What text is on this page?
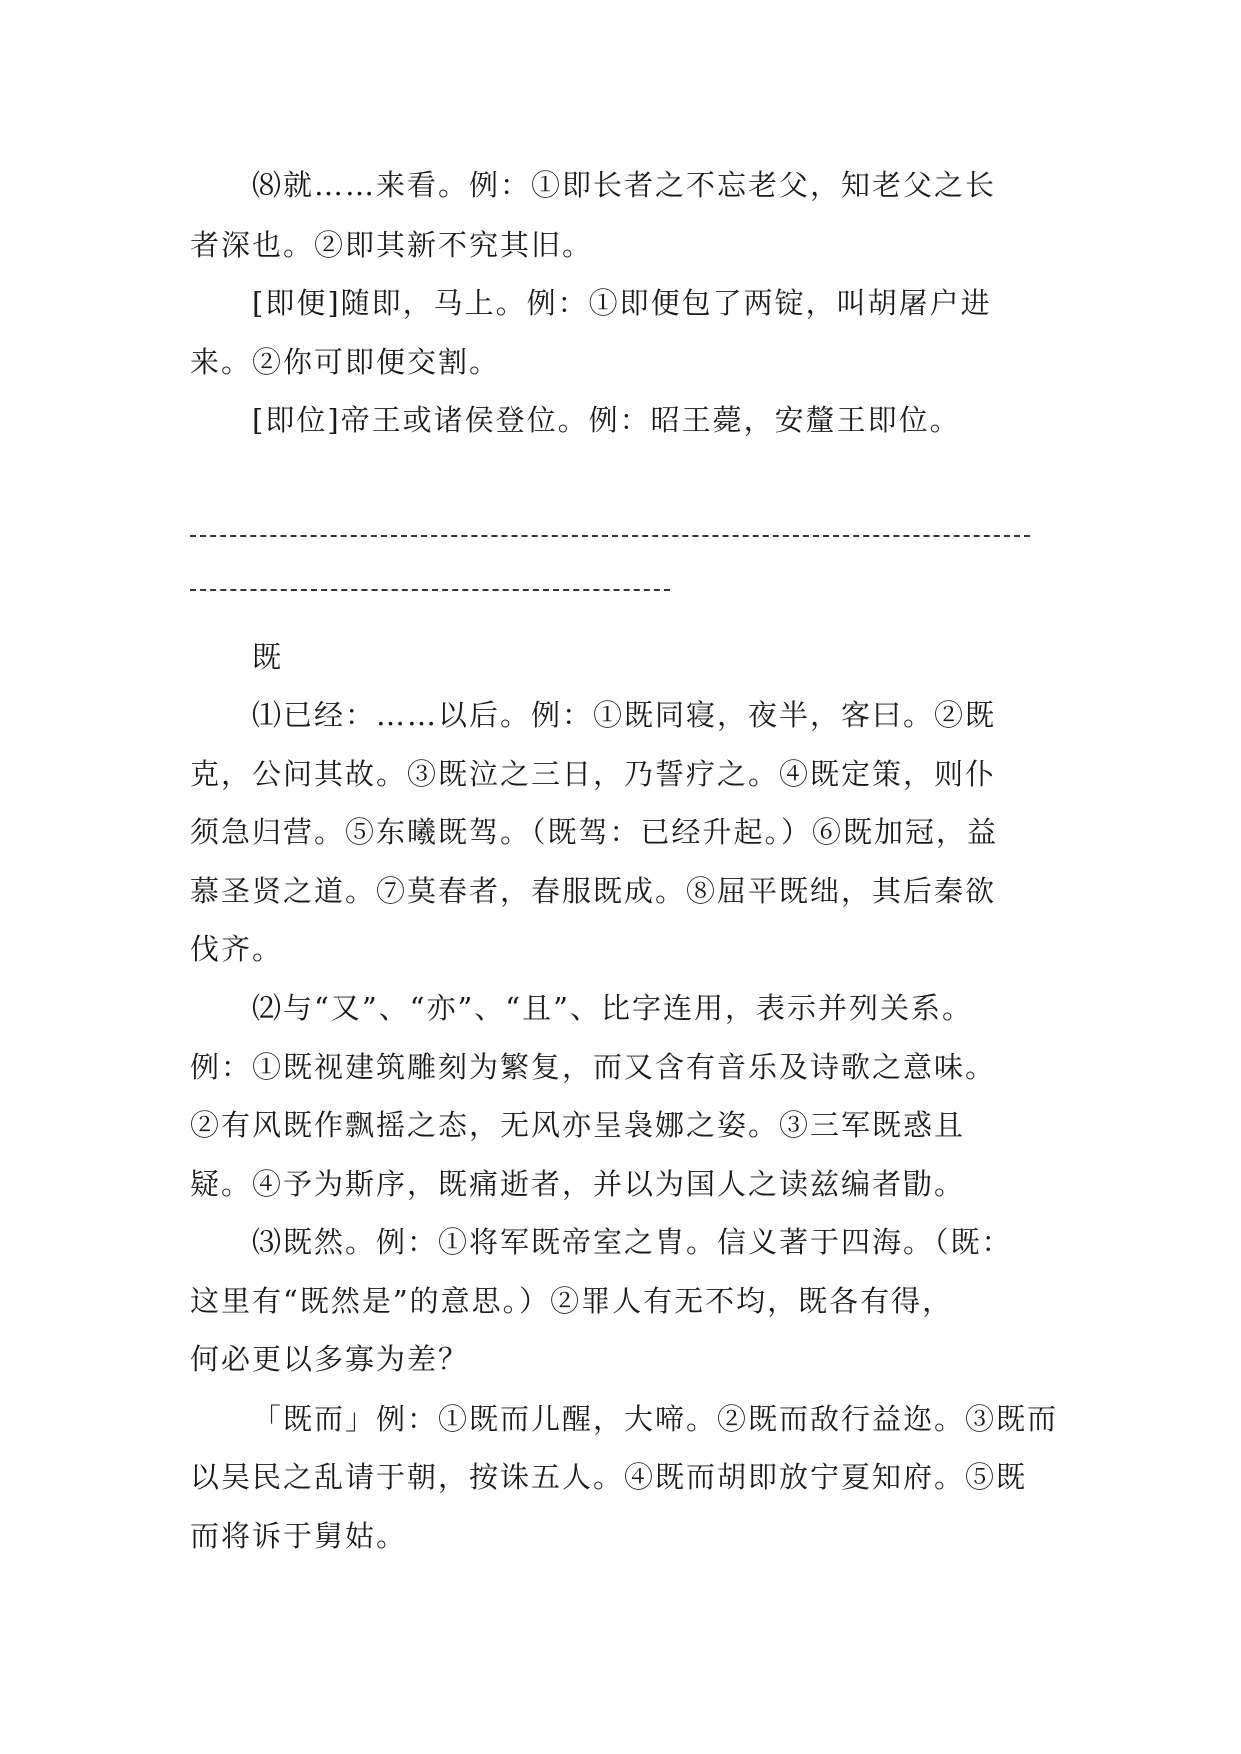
⑻就……来看。例：①即长者之不忘老父，知老父之长
者深也。②即其新不究其旧。
[即便]随即，马上。例：①即便包了两锭，叫胡屠户进
来。②你可即便交割。
[即位]帝王或诸侯登位。例：昭王薨，安釐王即位。
既
⑴已经：……以后。例：①既同寝，夜半，客曰。②既
克，公问其故。③既泣之三日，乃誓疗之。④既定策，则仆
须急归营。⑤东曦既驾。（既驾：已经升起。）⑥既加冠，益
慕圣贤之道。⑦莫春者，春服既成。⑧屈平既绌，其后秦欲
伐齐。
⑵与“又”、“亦”、“且”、比字连用，表示并列关系。
例：①既视建筑雕刻为繁复，而又含有音乐及诗歌之意味。
②有风既作飘摇之态，无风亦呈袅娜之姿。③三军既惑且
疑。④予为斯序，既痛逝者，并以为国人之读兹编者勖。
⑶既然。例：①将军既帝室之胄。信义著于四海。（既：
这里有“既然是”的意思。）②罪人有无不均，既各有得，
何必更以多寡为差？
「既而」例：①既而儿醒，大啼。②既而敌行益迩。③既而
以吴民之乱请于朝，按诛五人。④既而胡即放宁夏知府。⑤既
而将诉于舅姑。
